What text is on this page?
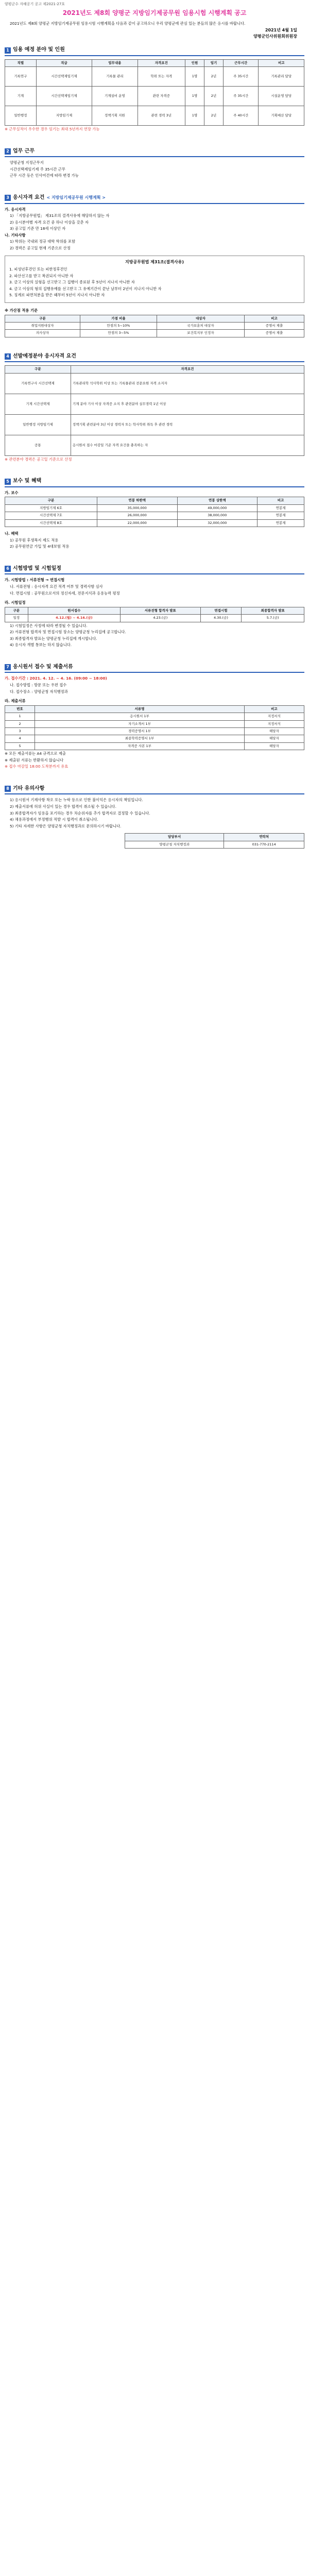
양평군수 자해공기 공고 제2021-27호
2021년도 제8회 양평군 지방임기제공무원 임용시험 시행계획 공고
2021년도 제8회 양평군 지방임기제공무원 임용시험 시행계획을 다음과 같이 공고하오니 우리 양평군에 관심 있는 분들의 많은 응시를 바랍니다.
2021년 4월 1일
양평군인사위원회위원장
1 임용 예정 분야 및 인원
직렬	직급	업무내용	자격요건	인원	임기	근무시간	비고
기록연구	시간선택제임기제	기록물 관리	학위 또는 자격	1명	2년	주 35시간	기록관리 담당
기계	시간선택제임기제	기계설비 운영	관련 자격증	1명	2년	주 35시간	시설운영 담당
일반행정	지방임기제	정책기획 지원	관련 경력 3년	1명	2년	주 40시간	기획예산 담당

※ 근무실적이 우수한 경우 임기는 최대 5년까지 연장 가능

2 업무 근무

양평군청 지정근무지

시간선택제임기제 주 35시간 근무

근무 시간 등은 인사여건에 따라 변경 가능

3 응시자격 요건 < 지방임기제공무원 시행계획 >

가. 응시자격

1) 「지방공무원법」 제31조의 결격사유에 해당하지 않는 자

2) 응시분야별 자격 요건 중 하나 이상을 갖춘 자

3) 공고일 기준 만 18세 이상인 자

나. 기타사항

1) 학위는 국내외 정규 대학 학위를 포함

2) 경력은 공고일 현재 기준으로 산정

지방공무원법 제31조(결격사유)

1. 피성년후견인 또는 피한정후견인

2. 파산선고를 받고 복권되지 아니한 자

3. 금고 이상의 실형을 선고받고 그 집행이 종료된 후 5년이 지나지 아니한 자

4. 금고 이상의 형의 집행유예를 선고받고 그 유예기간이 끝난 날부터 2년이 지나지 아니한 자

5. 징계로 파면처분을 받은 때부터 5년이 지나지 아니한 자

※ 가산점 적용 기준

구분	가점 비율	대상자	비고
취업지원대상자	만점의 5~10%	국가보훈처 대상자	증명서 제출
의사상자	만점의 3~5%	보건복지부 인정자	증명서 제출
4 선발예정분야 응시자격 요건
구분	자격요건
기록연구사 시간선택제	기록관리학 석사학위 이상 또는 기록물관리 전문요원 자격 소지자
기계 시간선택제	기계 분야 기사 이상 자격증 소지 후 관련분야 실무경력 1년 이상
일반행정 지방임기제	정책기획 관련분야 3년 이상 경력자 또는 학사학위 취득 후 관련 경력
공통	응시원서 접수 마감일 기준 자격 요건을 충족하는 자

※ 관련분야 경력은 공고일 기준으로 산정

5 보수 및 혜택

가. 보수

구분	연봉 하한액	연봉 상한액	비고
지방임기제 6호	35,000,000	49,000,000	연봉제
시간선택제 7호	26,000,000	38,000,000	연봉제
시간선택제 8호	22,000,000	32,000,000	연봉제

나. 혜택

1) 공무원 후생복지 제도 적용

2) 공무원연금 가입 및 4대보험 적용

6 시험방법 및 시험일정

가. 시험방법 : 서류전형 → 면접시험

나. 서류전형 : 응시자격 요건 적격 여부 및 경력사항 심사

다. 면접시험 : 공무원으로서의 정신자세, 전문지식과 응용능력 평정

라. 시험일정

구분	원서접수	서류전형 합격자 발표	면접시험	최종합격자 발표
일정	4.12.(월) ~ 4.16.(금)	4.23.(금)	4.30.(금)	5.7.(금)

1) 시험일정은 사정에 따라 변경될 수 있습니다.

2) 서류전형 합격자 및 면접시험 장소는 양평군청 누리집에 공고합니다.

3) 최종합격자 발표는 양평군청 누리집에 게시합니다.

4) 응시자 개별 통보는 하지 않습니다.

7 응시원서 접수 및 제출서류

가. 접수기간 : 2021. 4. 12. ~ 4. 16. (09:00 ~ 18:00)

나. 접수방법 : 방문 또는 우편 접수

다. 접수장소 : 양평군청 자치행정과

라. 제출서류

번호	서류명	비고
1	응시원서 1부	지정서식
2	자기소개서 1부	지정서식
3	경력증명서 1부	해당자
4	최종학력증명서 1부	해당자
5	자격증 사본 1부	해당자

※ 모든 제출서류는 A4 규격으로 제출

※ 제출된 서류는 반환하지 않습니다

※ 접수 마감일 18:00 도착분까지 유효

8 기타 유의사항

1) 응시원서 기재사항 착오 또는 누락 등으로 인한 불이익은 응시자의 책임입니다.

2) 제출서류에 허위 사실이 있는 경우 합격이 취소될 수 있습니다.

3) 최종합격자가 임용을 포기하는 경우 차순위자를 추가 합격자로 결정할 수 있습니다.

4) 채용과정에서 부정행위 적발 시 합격이 취소됩니다.

5) 기타 자세한 사항은 양평군청 자치행정과로 문의하시기 바랍니다.

담당부서	연락처
양평군청 자치행정과	031-770-2114
